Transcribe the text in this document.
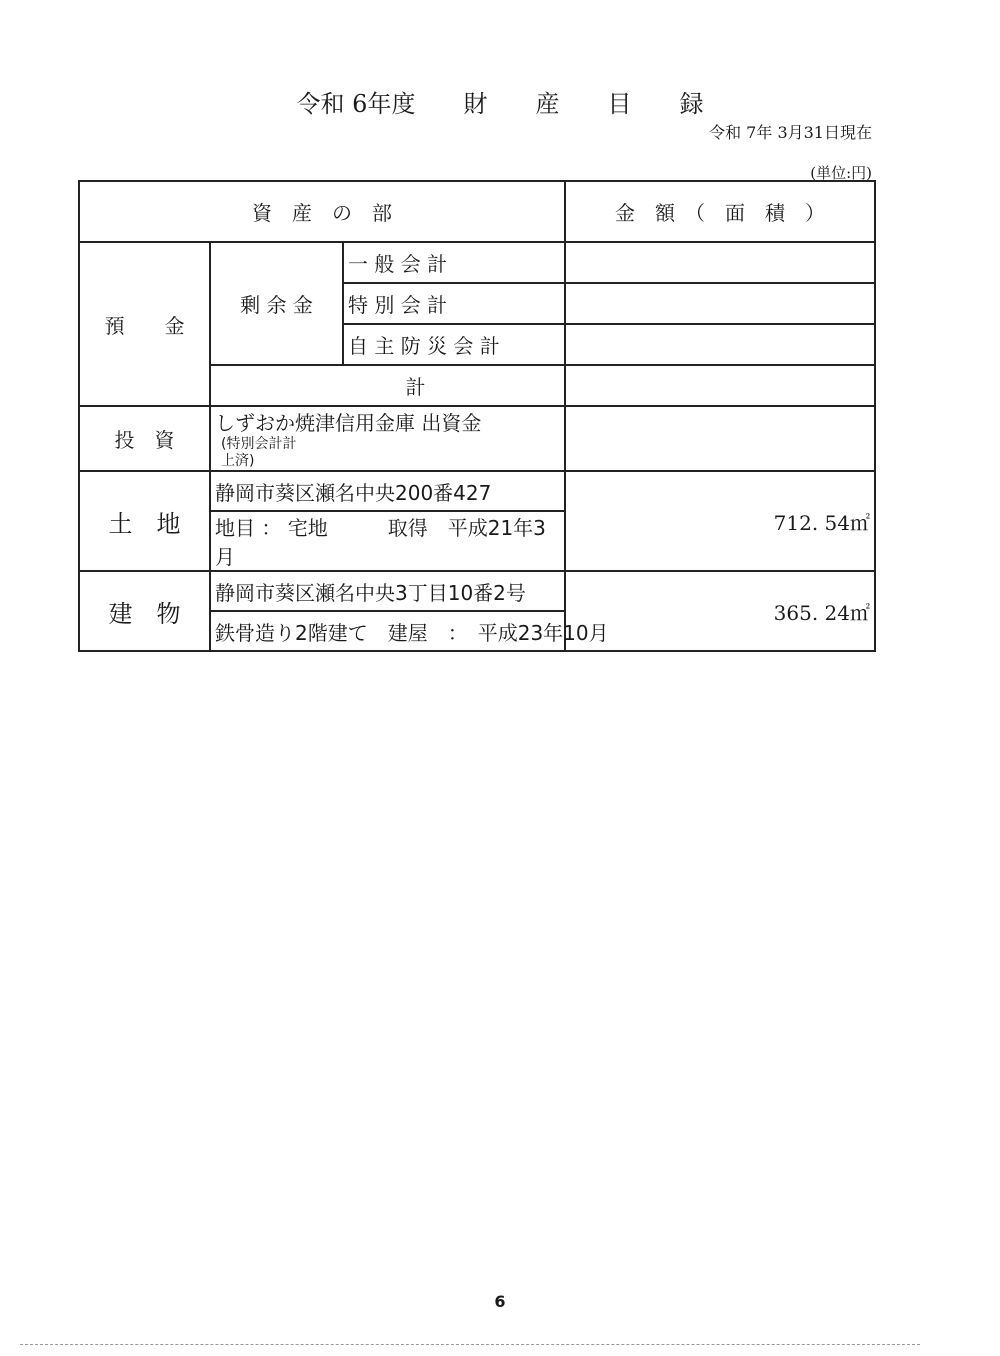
令和 6年度　　財　　産　　目　　録
令和 7年 3月31日現在
(単位:円)
資　産　の　部			金　額　（　面　積　）
預　　金	剰 余 金	一 般 会 計	
		特 別 会 計	
		自 主 防 災 会 計	
	計		
投　資	しずおか焼津信用金庫 出資金 (特別会計計上済)		
土　地	静岡市葵区瀬名中央200番427		712. 54㎡
	地目 ： 宅地　　　取得　平成21年3月		
建　物	静岡市葵区瀬名中央3丁目10番2号		365. 24㎡
	鉄骨造り2階建て　建屋　：　平成23年10月		
6
